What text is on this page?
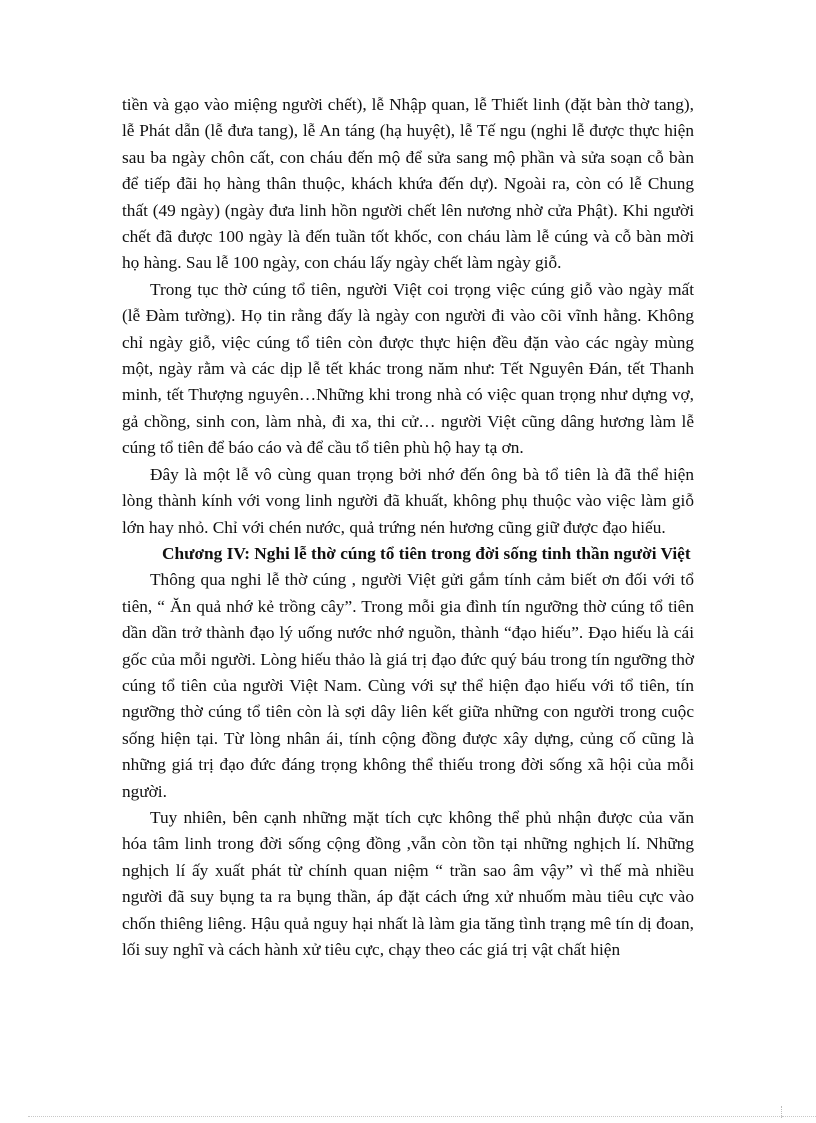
tiền và gạo vào miệng người chết), lễ Nhập quan, lễ Thiết linh (đặt bàn thờ tang), lễ Phát dẫn (lễ đưa tang), lễ An táng (hạ huyệt), lễ Tế ngu (nghi lễ được thực hiện sau ba ngày chôn cất, con cháu đến mộ để sửa sang mộ phần và sửa soạn cỗ bàn để tiếp đãi họ hàng thân thuộc, khách khứa đến dự). Ngoài ra, còn có lễ Chung thất (49 ngày) (ngày đưa linh hồn người chết lên nương nhờ cửa Phật). Khi người chết đã được 100 ngày là đến tuần tốt khốc, con cháu làm lễ cúng và cỗ bàn mời họ hàng. Sau lễ 100 ngày, con cháu lấy ngày chết làm ngày giỗ.

Trong tục thờ cúng tổ tiên, người Việt coi trọng việc cúng giỗ vào ngày mất (lễ Đàm tường). Họ tin rằng đấy là ngày con người đi vào cõi vĩnh hằng. Không chỉ ngày giỗ, việc cúng tổ tiên còn được thực hiện đều đặn vào các ngày mùng một, ngày rằm và các dịp lễ tết khác trong năm như: Tết Nguyên Đán, tết Thanh minh, tết Thượng nguyên…Những khi trong nhà có việc quan trọng như dựng vợ, gả chồng, sinh con, làm nhà, đi xa, thi cử… người Việt cũng dâng hương làm lễ cúng tổ tiên để báo cáo và để cầu tổ tiên phù hộ hay tạ ơn.

Đây là một lễ vô cùng quan trọng bởi nhớ đến ông bà tổ tiên là đã thể hiện lòng thành kính với vong linh người đã khuất, không phụ thuộc vào việc làm giỗ lớn hay nhỏ. Chỉ với chén nước, quả trứng nén hương cũng giữ được đạo hiếu.

Chương IV: Nghi lễ thờ cúng tổ tiên trong đời sống tinh thần người Việt

Thông qua nghi lễ thờ cúng , người Việt gửi gắm tính cảm biết ơn đối với tổ tiên, “ Ăn quả nhớ kẻ trồng cây”. Trong mỗi gia đình tín ngưỡng thờ cúng tổ tiên dần dần trở thành đạo lý uống nước nhớ nguồn, thành “đạo hiếu”. Đạo hiếu là cái gốc của mỗi người. Lòng hiếu thảo là giá trị đạo đức quý báu trong tín ngưỡng thờ cúng tổ tiên của người Việt Nam. Cùng với sự thể hiện đạo hiếu với tổ tiên, tín ngưỡng thờ cúng tổ tiên còn là sợi dây liên kết giữa những con người trong cuộc sống hiện tại. Từ lòng nhân ái, tính cộng đồng được xây dựng, củng cố cũng là những giá trị đạo đức đáng trọng không thể thiếu trong đời sống xã hội của mỗi người.

Tuy nhiên, bên cạnh những mặt tích cực không thể phủ nhận được của văn hóa tâm linh trong đời sống cộng đồng ,vẫn còn tồn tại những nghịch lí. Những nghịch lí ấy xuất phát từ chính quan niệm “ trần sao âm vậy” vì thế mà nhiều người đã suy bụng ta ra bụng thần, áp đặt cách ứng xử nhuốm màu tiêu cực vào chốn thiêng liêng. Hậu quả nguy hại nhất là làm gia tăng tình trạng mê tín dị đoan, lối suy nghĩ và cách hành xử tiêu cực, chạy theo các giá trị vật chất hiện
